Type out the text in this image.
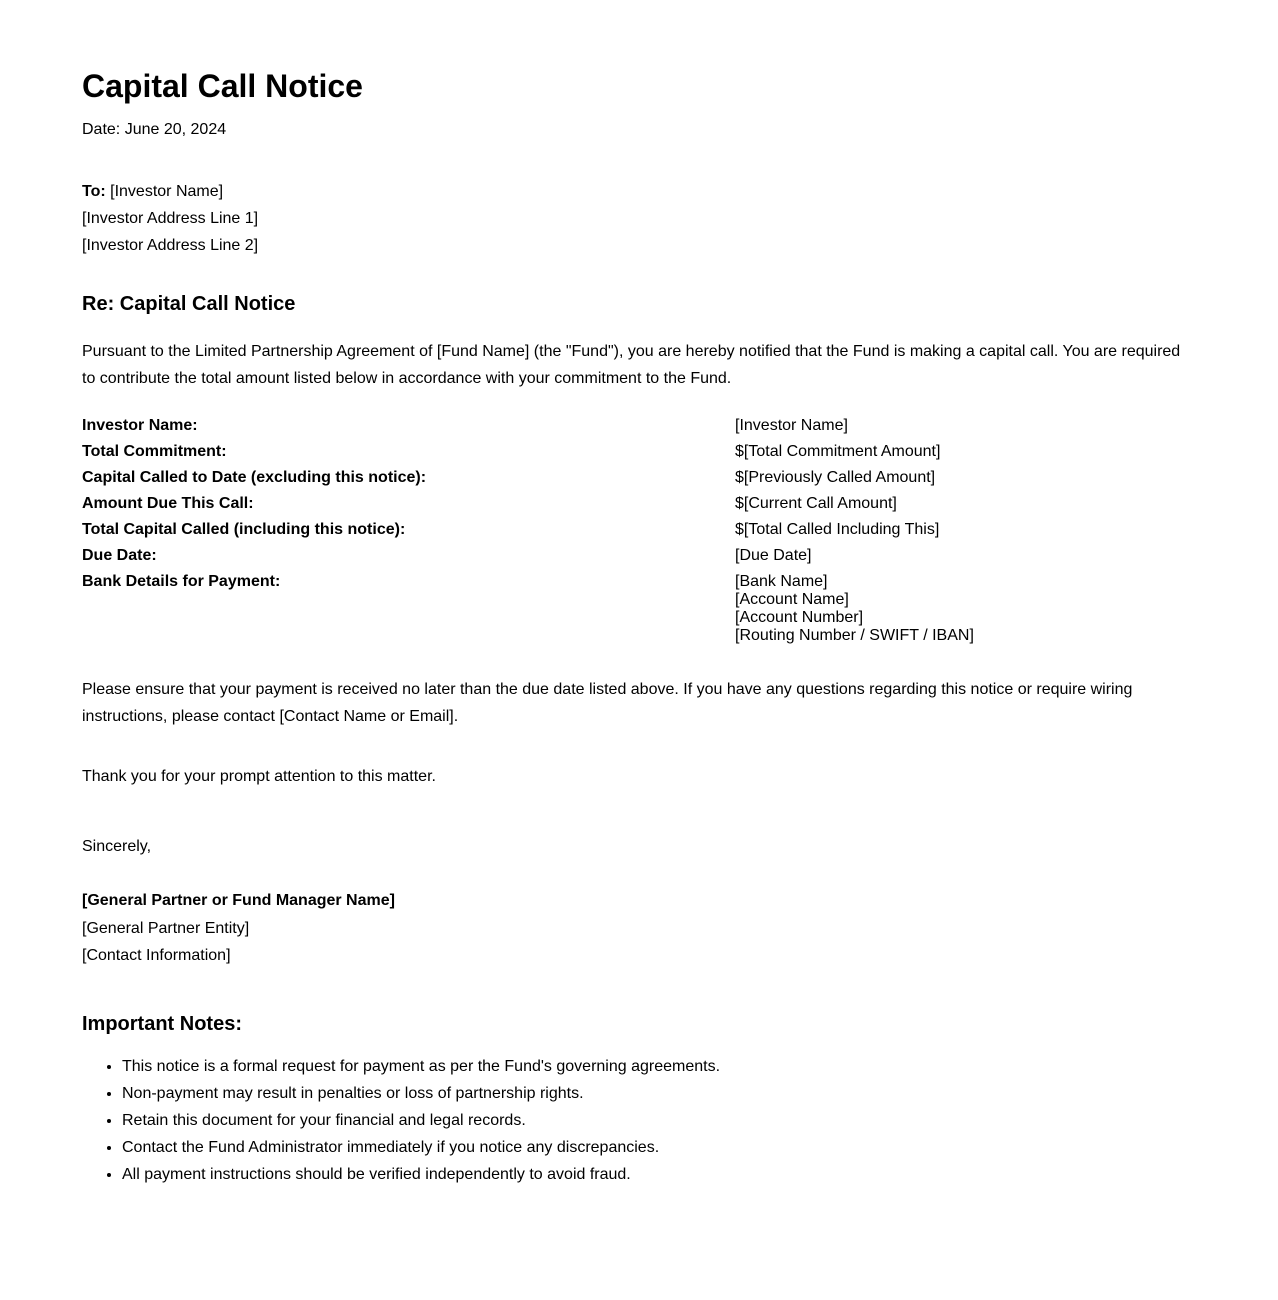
Capital Call Notice
Date: June 20, 2024
To: [Investor Name]
[Investor Address Line 1]
[Investor Address Line 2]
Re: Capital Call Notice
Pursuant to the Limited Partnership Agreement of [Fund Name] (the "Fund"), you are hereby notified that the Fund is making a capital call. You are required to contribute the total amount listed below in accordance with your commitment to the Fund.
Investor Name:	[Investor Name]
Total Commitment:	$[Total Commitment Amount]
Capital Called to Date (excluding this notice):	$[Previously Called Amount]
Amount Due This Call:	$[Current Call Amount]
Total Capital Called (including this notice):	$[Total Called Including This]
Due Date:	[Due Date]
Bank Details for Payment:	[Bank Name]
[Account Name]
[Account Number]
[Routing Number / SWIFT / IBAN]
Please ensure that your payment is received no later than the due date listed above. If you have any questions regarding this notice or require wiring instructions, please contact [Contact Name or Email].
Thank you for your prompt attention to this matter.
Sincerely,
[General Partner or Fund Manager Name]
[General Partner Entity]
[Contact Information]
Important Notes:
• This notice is a formal request for payment as per the Fund's governing agreements.
• Non-payment may result in penalties or loss of partnership rights.
• Retain this document for your financial and legal records.
• Contact the Fund Administrator immediately if you notice any discrepancies.
• All payment instructions should be verified independently to avoid fraud.
